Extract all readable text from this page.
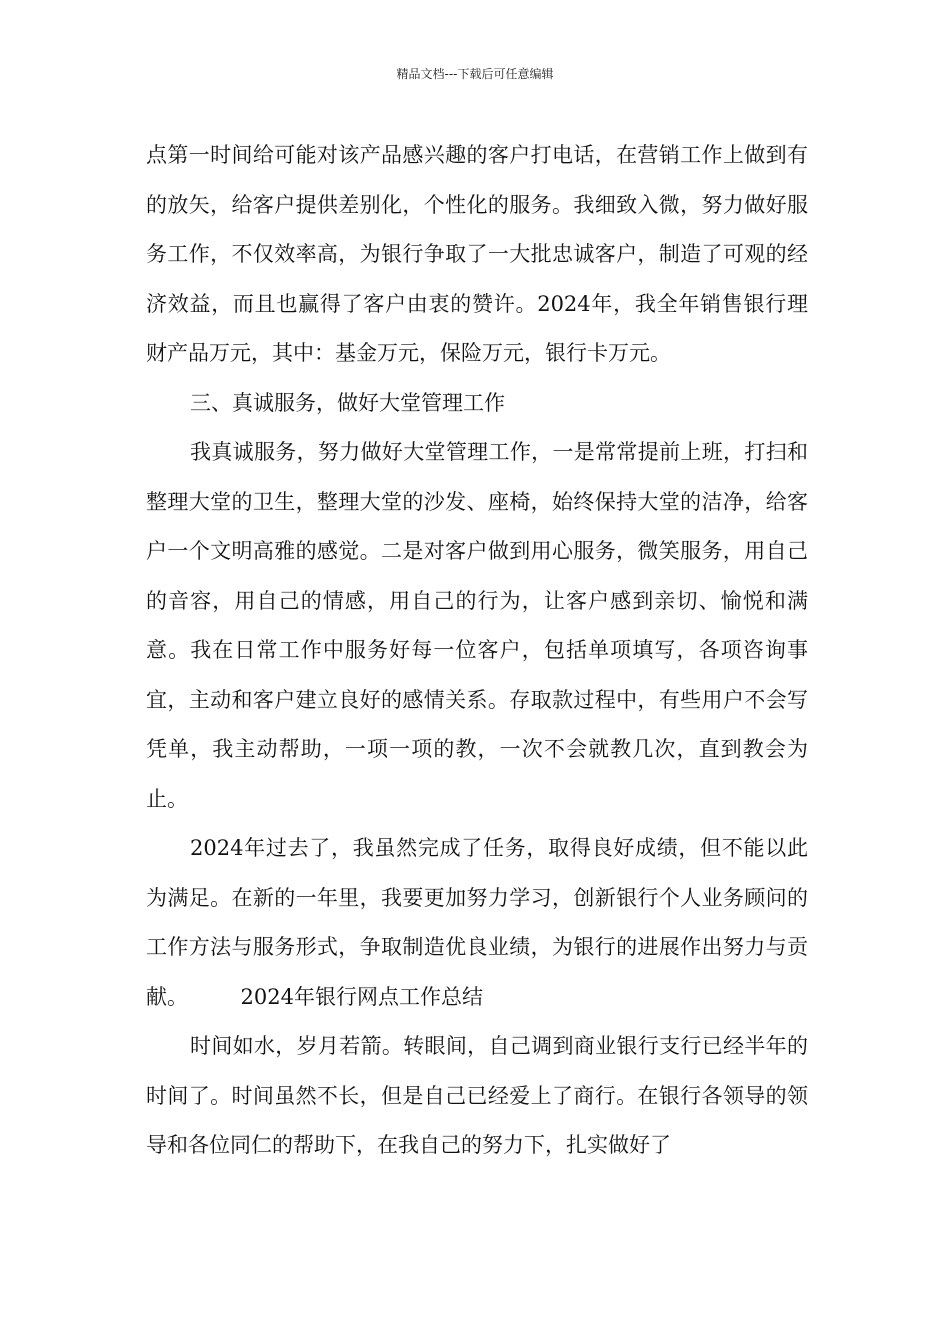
精品文档---下载后可任意编辑

点第一时间给可能对该产品感兴趣的客户打电话，在营销工作上做到有的放矢，给客户提供差别化，个性化的服务。我细致入微，努力做好服务工作，不仅效率高，为银行争取了一大批忠诚客户，制造了可观的经济效益，而且也赢得了客户由衷的赞许。2024年，我全年销售银行理财产品万元，其中：基金万元，保险万元，银行卡万元。

三、真诚服务，做好大堂管理工作

我真诚服务，努力做好大堂管理工作，一是常常提前上班，打扫和整理大堂的卫生，整理大堂的沙发、座椅，始终保持大堂的洁净，给客户一个文明高雅的感觉。二是对客户做到用心服务，微笑服务，用自己的音容，用自己的情感，用自己的行为，让客户感到亲切、愉悦和满意。我在日常工作中服务好每一位客户，包括单项填写，各项咨询事宜，主动和客户建立良好的感情关系。存取款过程中，有些用户不会写凭单，我主动帮助，一项一项的教，一次不会就教几次，直到教会为止。

2024年过去了，我虽然完成了任务，取得良好成绩，但不能以此为满足。在新的一年里，我要更加努力学习，创新银行个人业务顾问的工作方法与服务形式，争取制造优良业绩，为银行的进展作出努力与贡献。　　　2024年银行网点工作总结

时间如水，岁月若箭。转眼间，自己调到商业银行支行已经半年的时间了。时间虽然不长，但是自己已经爱上了商行。在银行各领导的领导和各位同仁的帮助下，在我自己的努力下，扎实做好了
